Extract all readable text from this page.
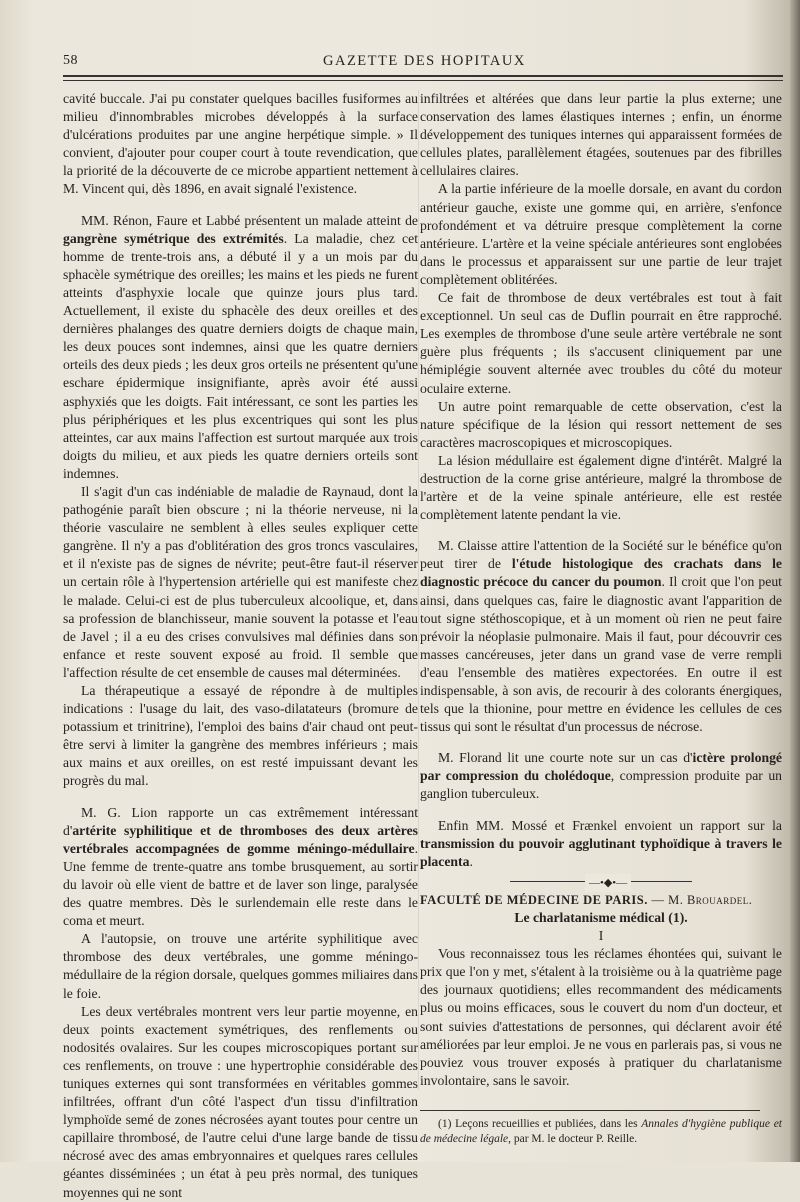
58	GAZETTE DES HOPITAUX

cavité buccale. J'ai pu constater quelques bacilles fusiformes au milieu d'innombrables microbes développés à la surface d'ulcérations produites par une angine herpétique simple. » Il convient, d'ajouter pour couper court à toute revendication, que la priorité de la découverte de ce microbe appartient nettement à M. Vincent qui, dès 1896, en avait signalé l'existence.

MM. Rénon, Faure et Labbé présentent un malade atteint de gangrène symétrique des extrémités. La maladie, chez cet homme de trente-trois ans, a débuté il y a un mois par du sphacèle symétrique des oreilles; les mains et les pieds ne furent atteints d'asphyxie locale que quinze jours plus tard. Actuellement, il existe du sphacèle des deux oreilles et des dernières phalanges des quatre derniers doigts de chaque main, les deux pouces sont indemnes, ainsi que les quatre derniers orteils des deux pieds ; les deux gros orteils ne présentent qu'une eschare épidermique insignifiante, après avoir été aussi asphyxiés que les doigts. Fait intéressant, ce sont les parties les plus périphériques et les plus excentriques qui sont les plus atteintes, car aux mains l'affection est surtout marquée aux trois doigts du milieu, et aux pieds les quatre derniers orteils sont indemnes.

Il s'agit d'un cas indéniable de maladie de Raynaud, dont la pathogénie paraît bien obscure ; ni la théorie nerveuse, ni la théorie vasculaire ne semblent à elles seules expliquer cette gangrène. Il n'y a pas d'oblitération des gros troncs vasculaires, et il n'existe pas de signes de névrite; peut-être faut-il réserver un certain rôle à l'hypertension artérielle qui est manifeste chez le malade. Celui-ci est de plus tuberculeux alcoolique, et, dans sa profession de blanchisseur, manie souvent la potasse et l'eau de Javel ; il a eu des crises convulsives mal définies dans son enfance et reste souvent exposé au froid. Il semble que l'affection résulte de cet ensemble de causes mal déterminées.

La thérapeutique a essayé de répondre à de multiples indications : l'usage du lait, des vaso-dilatateurs (bromure de potassium et trinitrine), l'emploi des bains d'air chaud ont peut-être servi à limiter la gangrène des membres inférieurs ; mais aux mains et aux oreilles, on est resté impuissant devant les progrès du mal.

M. G. Lion rapporte un cas extrêmement intéressant d'artérite syphilitique et de thromboses des deux artères vertébrales accompagnées de gomme méningo-médullaire. Une femme de trente-quatre ans tombe brusquement, au sortir du lavoir où elle vient de battre et de laver son linge, paralysée des quatre membres. Dès le surlendemain elle reste dans le coma et meurt.

A l'autopsie, on trouve une artérite syphilitique avec thrombose des deux vertébrales, une gomme méningo-médullaire de la région dorsale, quelques gommes miliaires dans le foie.

Les deux vertébrales montrent vers leur partie moyenne, en deux points exactement symétriques, des renflements ou nodosités ovalaires. Sur les coupes microscopiques portant sur ces renflements, on trouve : une hypertrophie considérable des tuniques externes qui sont transformées en véritables gommes infiltrées, offrant d'un côté l'aspect d'un tissu d'infiltration lymphoïde semé de zones nécrosées ayant toutes pour centre un capillaire thrombosé, de l'autre celui d'une large bande de tissu nécrosé avec des amas embryonnaires et quelques rares cellules géantes disséminées ; un état à peu près normal, des tuniques moyennes qui ne sont

infiltrées et altérées que dans leur partie la plus externe; une conservation des lames élastiques internes ; enfin, un énorme développement des tuniques internes qui apparaissent formées de cellules plates, parallèlement étagées, soutenues par des fibrilles cellulaires claires.

A la partie inférieure de la moelle dorsale, en avant du cordon antérieur gauche, existe une gomme qui, en arrière, s'enfonce profondément et va détruire presque complètement la corne antérieure. L'artère et la veine spéciale antérieures sont englobées dans le processus et apparaissent sur une partie de leur trajet complètement oblitérées.

Ce fait de thrombose de deux vertébrales est tout à fait exceptionnel. Un seul cas de Duflin pourrait en être rapproché. Les exemples de thrombose d'une seule artère vertébrale ne sont guère plus fréquents ; ils s'accusent cliniquement par une hémiplégie souvent alternée avec troubles du côté du moteur oculaire externe.

Un autre point remarquable de cette observation, c'est la nature spécifique de la lésion qui ressort nettement de ses caractères macroscopiques et microscopiques.

La lésion médullaire est également digne d'intérêt. Malgré la destruction de la corne grise antérieure, malgré la thrombose de l'artère et de la veine spinale antérieure, elle est restée complètement latente pendant la vie.

M. Claisse attire l'attention de la Société sur le bénéfice qu'on peut tirer de l'étude histologique des crachats dans le diagnostic précoce du cancer du poumon. Il croit que l'on peut ainsi, dans quelques cas, faire le diagnostic avant l'apparition de tout signe stéthoscopique, et à un moment où rien ne peut faire prévoir la néoplasie pulmonaire. Mais il faut, pour découvrir ces masses cancéreuses, jeter dans un grand vase de verre rempli d'eau l'ensemble des matières expectorées. En outre il est indispensable, à son avis, de recourir à des colorants énergiques, tels que la thionine, pour mettre en évidence les cellules de ces tissus qui sont le résultat d'un processus de nécrose.

M. Florand lit une courte note sur un cas d'ictère prolongé par compression du cholédoque, compression produite par un ganglion tuberculeux.

Enfin MM. Mossé et Frænkel envoient un rapport sur la transmission du pouvoir agglutinant typhoïdique à travers le placenta.

—•◆•—

FACULTÉ DE MÉDECINE DE PARIS. — M. Brouardel.

Le charlatanisme médical (1).

I

Vous reconnaissez tous les réclames éhontées qui, suivant le prix que l'on y met, s'étalent à la troisième ou à la quatrième page des journaux quotidiens; elles recommandent des médicaments plus ou moins efficaces, sous le couvert du nom d'un docteur, et sont suivies d'attestations de personnes, qui déclarent avoir été améliorées par leur emploi. Je ne vous en parlerais pas, si vous ne pouviez vous trouver exposés à pratiquer du charlatanisme involontaire, sans le savoir.

(1) Leçons recueillies et publiées, dans les Annales d'hygiène publique et de médecine légale, par M. le docteur P. Reille.
